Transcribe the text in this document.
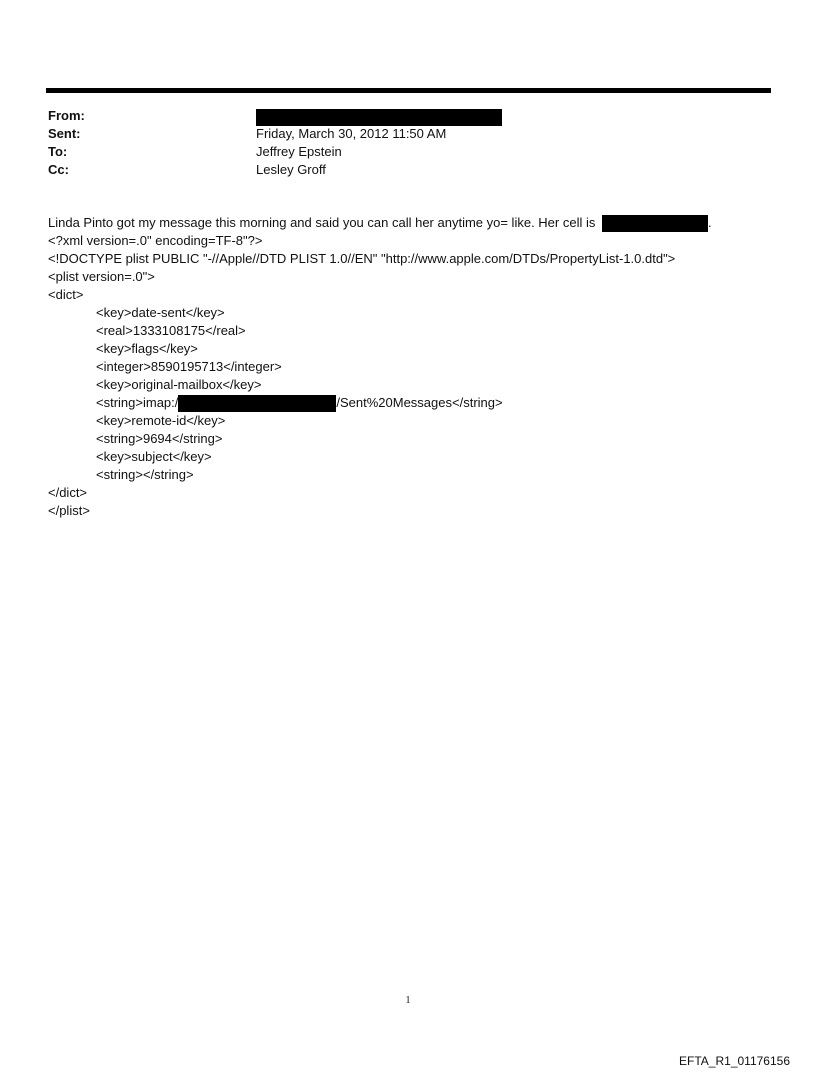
From:
Sent:	Friday, March 30, 2012 11:50 AM
To:	Jeffrey Epstein
Cc:	Lesley Groff
Linda Pinto got my message this morning and said you can call her anytime yo= like. Her cell is	.
<?xml version=.0" encoding=TF-8"?>
<!DOCTYPE plist PUBLIC "-//Apple//DTD PLIST 1.0//EN" "http://www.apple.com/DTDs/PropertyList-1.0.dtd">
<plist version=.0">
<dict>
<key>date-sent</key>
<real>1333108175</real>
<key>flags</key>
<integer>8590195713</integer>
<key>original-mailbox</key>
<string>imap:/	/Sent%20Messages</string>
<key>remote-id</key>
<string>9694</string>
<key>subject</key>
<string></string>
</dict>
</plist>
1
EFTA_R1_01176156
